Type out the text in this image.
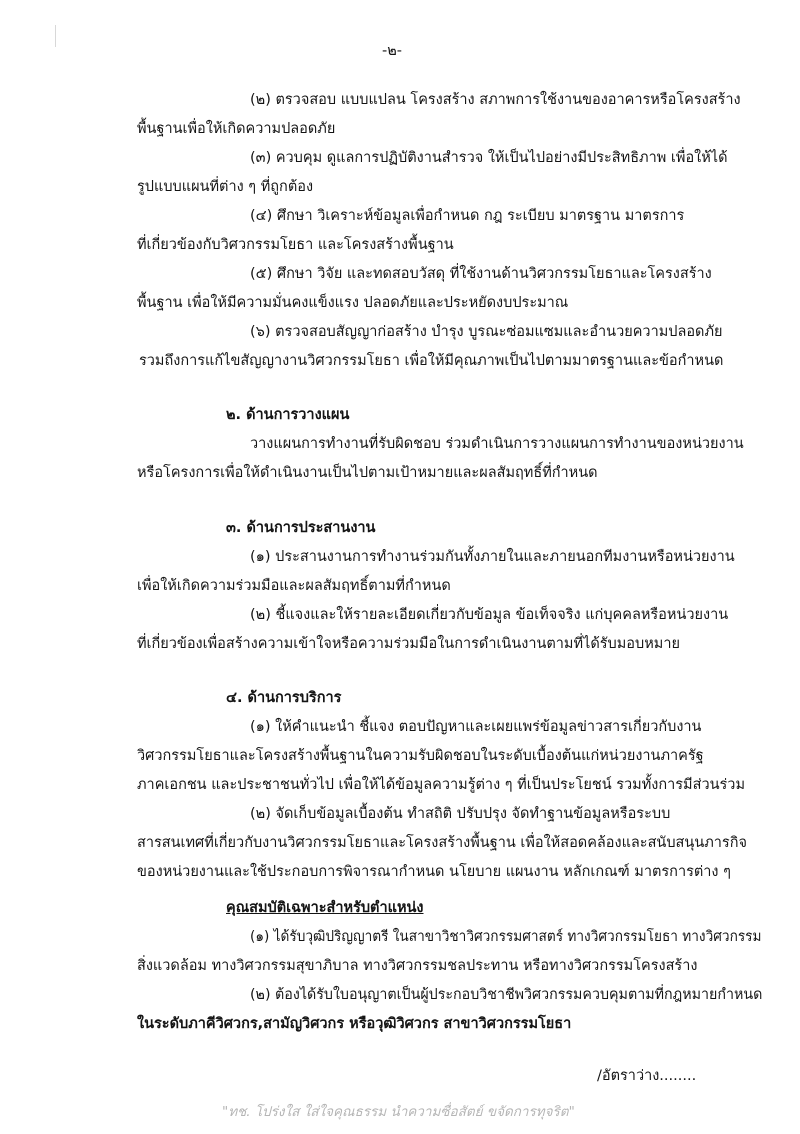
-๒-
(๒) ตรวจสอบ แบบแปลน โครงสร้าง สภาพการใช้งานของอาคารหรือโครงสร้าง
พื้นฐานเพื่อให้เกิดความปลอดภัย
(๓) ควบคุม ดูแลการปฏิบัติงานสำรวจ ให้เป็นไปอย่างมีประสิทธิภาพ เพื่อให้ได้
รูปแบบแผนที่ต่าง ๆ ที่ถูกต้อง
(๔) ศึกษา วิเคราะห์ข้อมูลเพื่อกำหนด กฎ ระเบียบ มาตรฐาน มาตรการ
ที่เกี่ยวข้องกับวิศวกรรมโยธา และโครงสร้างพื้นฐาน
(๕) ศึกษา วิจัย และทดสอบวัสดุ ที่ใช้งานด้านวิศวกรรมโยธาและโครงสร้าง
พื้นฐาน เพื่อให้มีความมั่นคงแข็งแรง ปลอดภัยและประหยัดงบประมาณ
(๖) ตรวจสอบสัญญาก่อสร้าง บำรุง บูรณะซ่อมแซมและอำนวยความปลอดภัย
รวมถึงการแก้ไขสัญญางานวิศวกรรมโยธา เพื่อให้มีคุณภาพเป็นไปตามมาตรฐานและข้อกำหนด
๒. ด้านการวางแผน
วางแผนการทำงานที่รับผิดชอบ ร่วมดำเนินการวางแผนการทำงานของหน่วยงาน
หรือโครงการเพื่อให้ดำเนินงานเป็นไปตามเป้าหมายและผลสัมฤทธิ์ที่กำหนด
๓. ด้านการประสานงาน
(๑) ประสานงานการทำงานร่วมกันทั้งภายในและภายนอกทีมงานหรือหน่วยงาน
เพื่อให้เกิดความร่วมมือและผลสัมฤทธิ์ตามที่กำหนด
(๒) ชี้แจงและให้รายละเอียดเกี่ยวกับข้อมูล ข้อเท็จจริง แก่บุคคลหรือหน่วยงาน
ที่เกี่ยวข้องเพื่อสร้างความเข้าใจหรือความร่วมมือในการดำเนินงานตามที่ได้รับมอบหมาย
๔. ด้านการบริการ
(๑) ให้คำแนะนำ ชี้แจง ตอบปัญหาและเผยแพร่ข้อมูลข่าวสารเกี่ยวกับงาน
วิศวกรรมโยธาและโครงสร้างพื้นฐานในความรับผิดชอบในระดับเบื้องต้นแก่หน่วยงานภาครัฐ
ภาคเอกชน และประชาชนทั่วไป เพื่อให้ได้ข้อมูลความรู้ต่าง ๆ ที่เป็นประโยชน์ รวมทั้งการมีส่วนร่วม
(๒) จัดเก็บข้อมูลเบื้องต้น ทำสถิติ ปรับปรุง จัดทำฐานข้อมูลหรือระบบ
สารสนเทศที่เกี่ยวกับงานวิศวกรรมโยธาและโครงสร้างพื้นฐาน เพื่อให้สอดคล้องและสนับสนุนภารกิจ
ของหน่วยงานและใช้ประกอบการพิจารณากำหนด นโยบาย แผนงาน หลักเกณฑ์ มาตรการต่าง ๆ
คุณสมบัติเฉพาะสำหรับตำแหน่ง
(๑) ได้รับวุฒิปริญญาตรี ในสาขาวิชาวิศวกรรมศาสตร์ ทางวิศวกรรมโยธา ทางวิศวกรรม
สิ่งแวดล้อม ทางวิศวกรรมสุขาภิบาล ทางวิศวกรรมชลประทาน หรือทางวิศวกรรมโครงสร้าง
(๒) ต้องได้รับใบอนุญาตเป็นผู้ประกอบวิชาชีพวิศวกรรมควบคุมตามที่กฎหมายกำหนด
ในระดับภาคีวิศวกร,สามัญวิศวกร หรือวุฒิวิศวกร สาขาวิศวกรรมโยธา
/อัตราว่าง........
"ทช. โปร่งใส ใส่ใจคุณธรรม นำความซื่อสัตย์ ขจัดการทุจริต"
